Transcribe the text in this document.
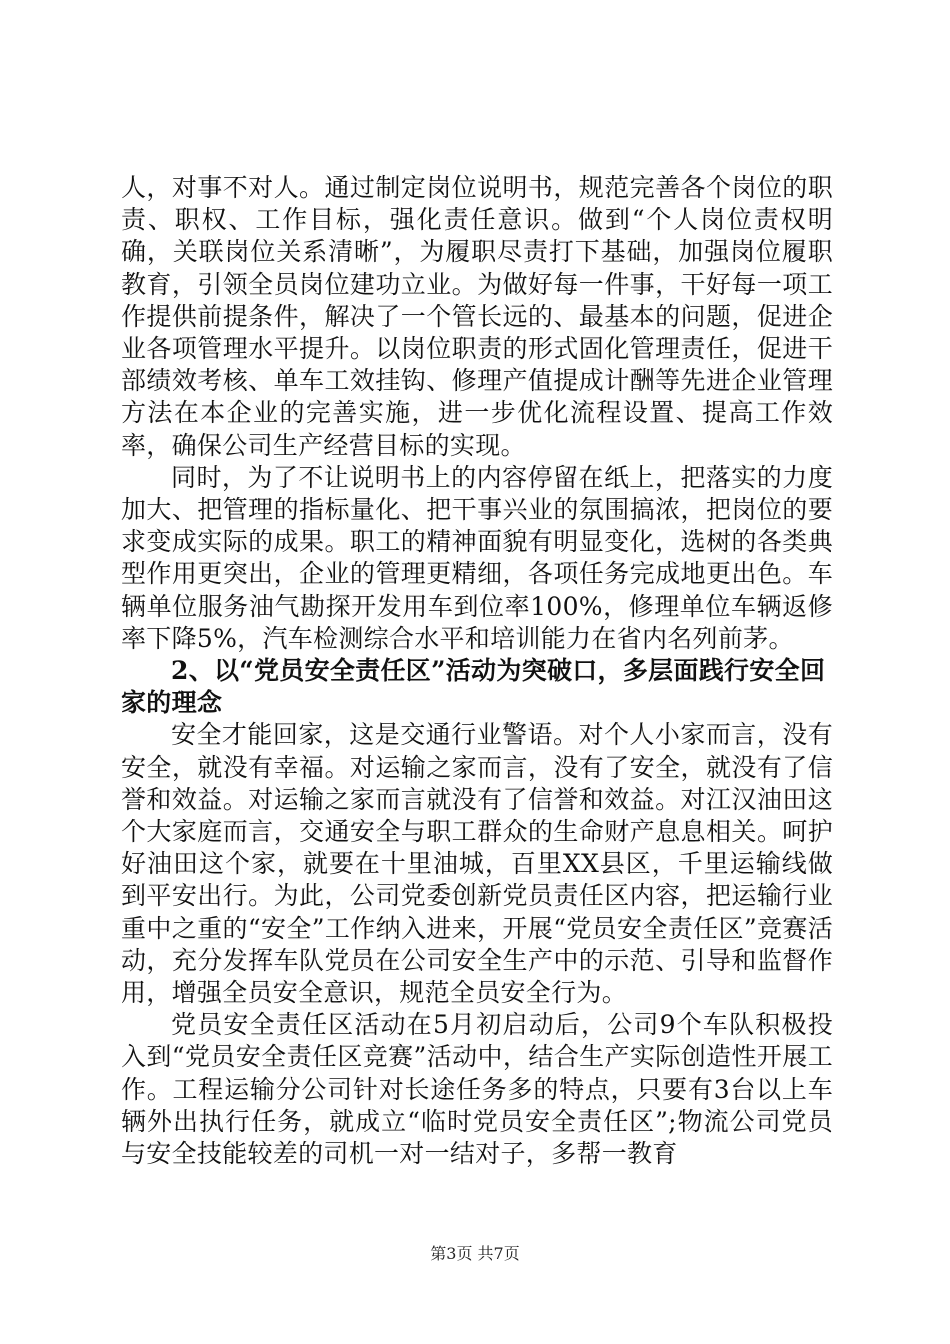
人，对事不对人。通过制定岗位说明书，规范完善各个岗位的职责、职权、工作目标，强化责任意识。做到“个人岗位责权明确，关联岗位关系清晰”，为履职尽责打下基础，加强岗位履职教育，引领全员岗位建功立业。为做好每一件事，干好每一项工作提供前提条件，解决了一个管长远的、最基本的问题，促进企业各项管理水平提升。以岗位职责的形式固化管理责任，促进干部绩效考核、单车工效挂钩、修理产值提成计酬等先进企业管理方法在本企业的完善实施，进一步优化流程设置、提高工作效率，确保公司生产经营目标的实现。

同时，为了不让说明书上的内容停留在纸上，把落实的力度加大、把管理的指标量化、把干事兴业的氛围搞浓，把岗位的要求变成实际的成果。职工的精神面貌有明显变化，选树的各类典型作用更突出，企业的管理更精细，各项任务完成地更出色。车辆单位服务油气勘探开发用车到位率100%，修理单位车辆返修率下降5%，汽车检测综合水平和培训能力在省内名列前茅。

2、以“党员安全责任区”活动为突破口，多层面践行安全回家的理念

安全才能回家，这是交通行业警语。对个人小家而言，没有安全，就没有幸福。对运输之家而言，没有了安全，就没有了信誉和效益。对运输之家而言就没有了信誉和效益。对江汉油田这个大家庭而言，交通安全与职工群众的生命财产息息相关。呵护好油田这个家，就要在十里油城，百里XX县区，千里运输线做到平安出行。为此，公司党委创新党员责任区内容，把运输行业重中之重的“安全”工作纳入进来，开展“党员安全责任区”竞赛活动，充分发挥车队党员在公司安全生产中的示范、引导和监督作用，增强全员安全意识，规范全员安全行为。

党员安全责任区活动在5月初启动后，公司9个车队积极投入到“党员安全责任区竞赛”活动中，结合生产实际创造性开展工作。工程运输分公司针对长途任务多的特点，只要有3台以上车辆外出执行任务，就成立“临时党员安全责任区”;物流公司党员与安全技能较差的司机一对一结对子，多帮一教育

第3页 共7页
